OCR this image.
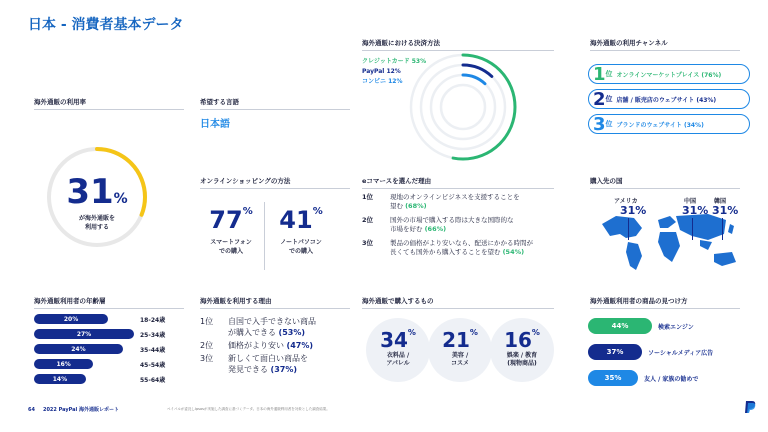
日本 - 消費者基本データ
海外通販の利用率
31%
が海外通販を
利用する
希望する言語
日本語
オンラインショッピングの方法
77%
スマートフォン
での購入
41%
ノートパソコン
での購入
海外通販における決済方法
クレジットカード 53%
PayPal 12%
コンビニ 12%
eコマースを選んだ理由
1位	現地のオンラインビジネスを支援することを
望む (68%)
2位	国外の市場で購入する際は大きな国際的な
市場を好む (66%)
3位	製品の価格がより安いなら、配送にかかる時間が
長くても国外から購入することを望む (54%)
海外通販の利用チャンネル
1 位 オンラインマーケットプレイス (76%)
2 位 店舗 / 販売店のウェブサイト (43%)
3 位 ブランドのウェブサイト (34%)
購入先の国
アメリカ
31%
中国
31%
韓国
31%
海外通販利用者の年齢層
20%	18-24歳
27%	25-34歳
24%	35-44歳
16%	45-54歳
14%	55-64歳
海外通販を利用する理由
1位	自国で入手できない商品
が購入できる (53%)
2位	価格がより安い (47%)
3位	新しくて面白い商品を
発見できる (37%)
海外通販で購入するもの
34%
衣料品 /
アパレル
21%
美容 /
コスメ
16%
娯楽 / 教育
(現物商品)
海外通販利用者の商品の見つけ方
44%	検索エンジン
37%	ソーシャルメディア広告
35%	友人 / 家族の勧めで
64 2022 PayPal 海外通販レポート	ペイパルが委託しIpsosが実施した調査に基づくデータ。日本の海外通販利用者を対象とした調査結果。
